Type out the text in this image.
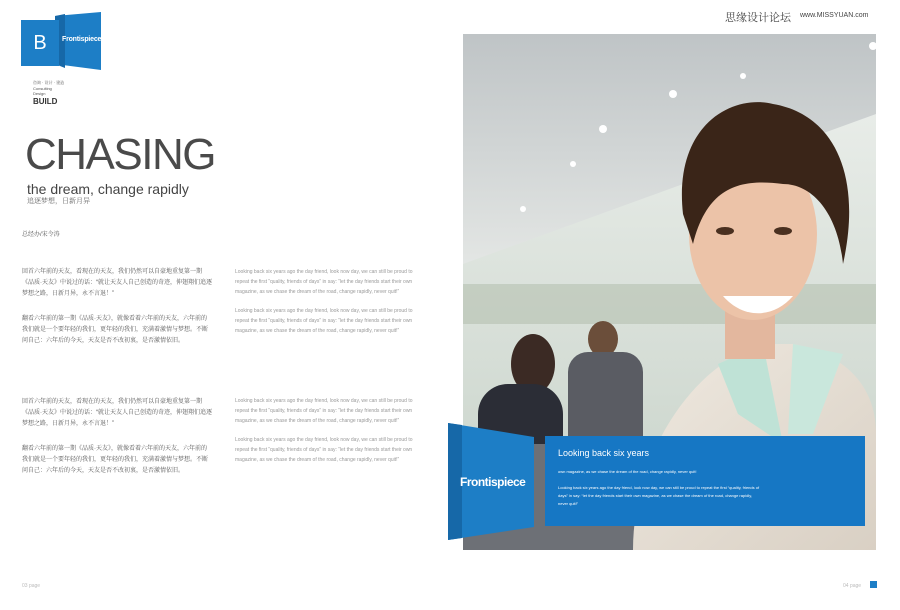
思缘设计论坛 www.MISSYUAN.com
B	Frontispiece
咨询 · 设计 · 建造
Consulting
Design
BUILD
CHASING
the dream, change rapidly
追逐梦想，日新月异
总经办/宋令涛
回首六年前的天友，看现在的天友，我们仍然可以自豪地重复第一期《品质·天友》中说过的话：“就让天友人自己创造的奇迹，伸翅翔们追逐梦想之路，日新月异，永不言退！”
翻看六年前的第一期《品质·天友》，就像看着六年前的天友，六年前的我们就是一个要年轻的我们，更年轻的我们，充满着激情与梦想。不断问自己：六年后的今天，天友是否不改初衷，是否激情依旧。
回首六年前的天友，看现在的天友，我们仍然可以自豪地重复第一期《品质·天友》中说过的话：“就让天友人自己创造的奇迹，伸翅翔们追逐梦想之路，日新月异，永不言退！”
翻看六年前的第一期《品质·天友》，就像看着六年前的天友，六年前的我们就是一个要年轻的我们，更年轻的我们，充满着激情与梦想。不断问自己：六年后的今天，天友是否不改初衷，是否激情依旧。
Looking back six years ago the day friend, look now day, we can still be proud to repeat the first “quality, friends of days” in say: “let the day friends start their own magazine, as we chase the dream of the road, change rapidly, never quit!”
Looking back six years ago the day friend, look now day, we can still be proud to repeat the first “quality, friends of days” in say: “let the day friends start their own magazine, as we chase the dream of the road, change rapidly, never quit!”
Looking back six years ago the day friend, look now day, we can still be proud to repeat the first “quality, friends of days” in say: “let the day friends start their own magazine, as we chase the dream of the road, change rapidly, never quit!”
Looking back six years ago the day friend, look now day, we can still be proud to repeat the first “quality, friends of days” in say: “let the day friends start their own magazine, as we chase the dream of the road, change rapidly, never quit!”
Frontispiece
Looking back six years
own magazine, as we chase the dream of the road, change rapidly, never quit!
Looking back six years ago the day friend, look now day, we can still be proud to repeat the first “quality, friends of days” in say: “let the day friends start their own magazine, as we chase the dream of the road, change rapidly, never quit!”
03 page	04 page
